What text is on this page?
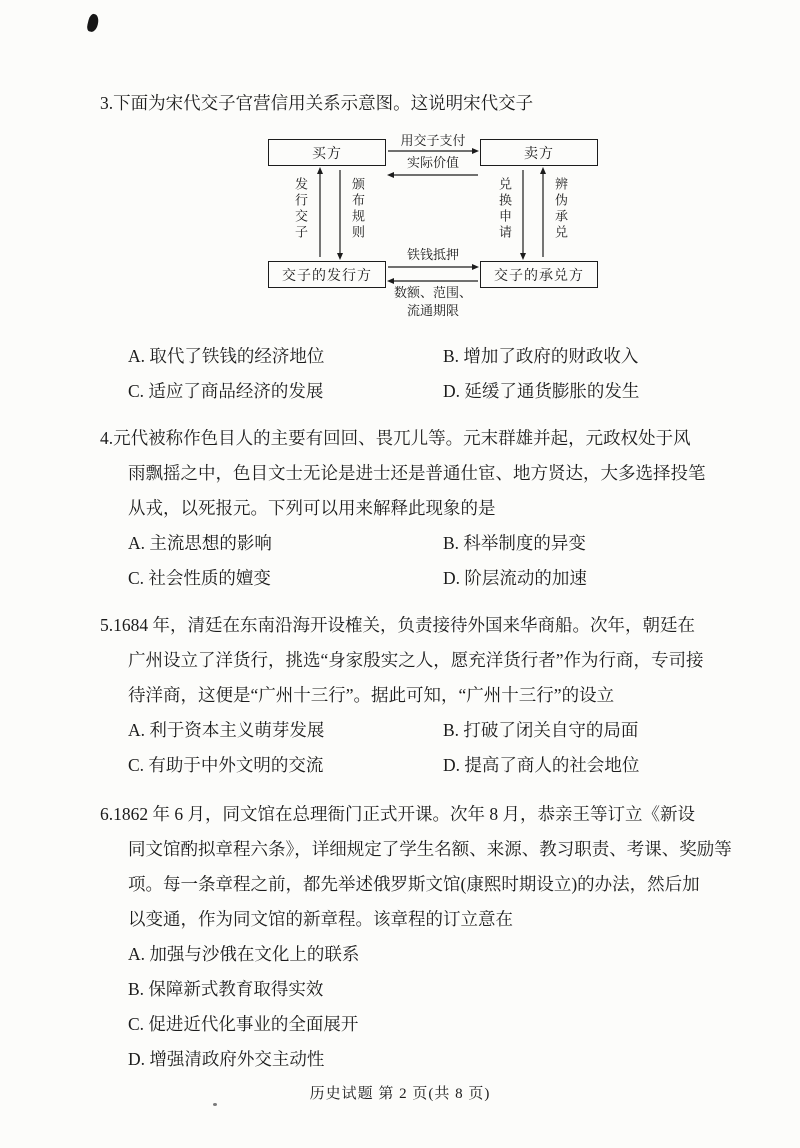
3.下面为宋代交子官营信用关系示意图。这说明宋代交子
买方	卖方
交子的发行方	交子的承兑方
用交子支付
实际价值
铁钱抵押
数额、范围、
流通期限
发行交子	颁布规则	兑换申请	辨伪承兑
A. 取代了铁钱的经济地位	B. 增加了政府的财政收入
C. 适应了商品经济的发展	D. 延缓了通货膨胀的发生
4.元代被称作色目人的主要有回回、畏兀儿等。元末群雄并起，元政权处于风
雨飘摇之中，色目文士无论是进士还是普通仕宦、地方贤达，大多选择投笔
从戎，以死报元。下列可以用来解释此现象的是
A. 主流思想的影响	B. 科举制度的异变
C. 社会性质的嬗变	D. 阶层流动的加速
5.1684 年，清廷在东南沿海开设榷关，负责接待外国来华商船。次年，朝廷在
广州设立了洋货行，挑选“身家殷实之人，愿充洋货行者”作为行商，专司接
待洋商，这便是“广州十三行”。据此可知，“广州十三行”的设立
A. 利于资本主义萌芽发展	B. 打破了闭关自守的局面
C. 有助于中外文明的交流	D. 提高了商人的社会地位
6.1862 年 6 月，同文馆在总理衙门正式开课。次年 8 月，恭亲王等订立《新设
同文馆酌拟章程六条》，详细规定了学生名额、来源、教习职责、考课、奖励等
项。每一条章程之前，都先举述俄罗斯文馆(康熙时期设立)的办法，然后加
以变通，作为同文馆的新章程。该章程的订立意在
A. 加强与沙俄在文化上的联系
B. 保障新式教育取得实效
C. 促进近代化事业的全面展开
D. 增强清政府外交主动性
历史试题 第 2 页(共 8 页)
